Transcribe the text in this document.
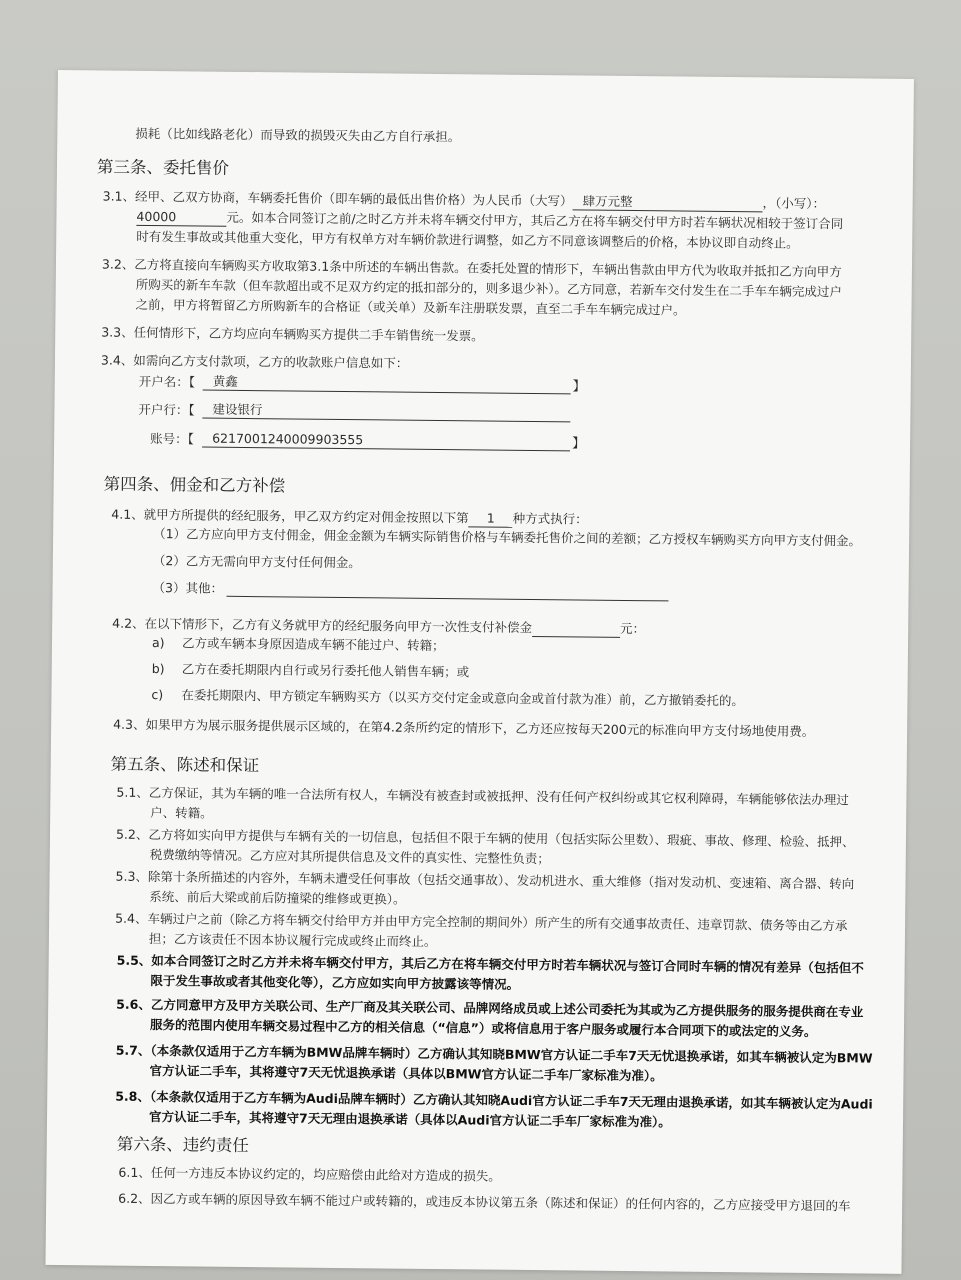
损耗（比如线路老化）而导致的损毁灭失由乙方自行承担。
第三条、委托售价
3.1、经甲、乙双方协商，车辆委托售价（即车辆的最低出售价格）为人民币（大写） 肆万元整	，（小写）：
40000	元。如本合同签订之前/之时乙方并未将车辆交付甲方，其后乙方在将车辆交付甲方时若车辆状况相较于签订合同
时有发生事故或其他重大变化，甲方有权单方对车辆价款进行调整，如乙方不同意该调整后的价格，本协议即自动终止。
3.2、乙方将直接向车辆购买方收取第3.1条中所述的车辆出售款。在委托处置的情形下，车辆出售款由甲方代为收取并抵扣乙方向甲方
所购买的新车车款（但车款超出或不足双方约定的抵扣部分的，则多退少补）。乙方同意，若新车交付发生在二手车车辆完成过户
之前，甲方将暂留乙方所购新车的合格证（或关单）及新车注册联发票，直至二手车车辆完成过户。
3.3、任何情形下，乙方均应向车辆购买方提供二手车销售统一发票。
3.4、如需向乙方支付款项，乙方的收款账户信息如下：
开户名：【 黄鑫	】
开户行：【 建设银行
账号：【 6217001240009903555	】
第四条、佣金和乙方补偿
4.1、就甲方所提供的经纪服务，甲乙双方约定对佣金按照以下第 1 种方式执行：
（1）乙方应向甲方支付佣金，佣金金额为车辆实际销售价格与车辆委托售价之间的差额；乙方授权车辆购买方向甲方支付佣金。
（2）乙方无需向甲方支付任何佣金。
（3）其他：
4.2、在以下情形下，乙方有义务就甲方的经纪服务向甲方一次性支付补偿金	元：
a) 乙方或车辆本身原因造成车辆不能过户、转籍；
b) 乙方在委托期限内自行或另行委托他人销售车辆；或
c) 在委托期限内、甲方锁定车辆购买方（以买方交付定金或意向金或首付款为准）前，乙方撤销委托的。
4.3、如果甲方为展示服务提供展示区域的，在第4.2条所约定的情形下，乙方还应按每天200元的标准向甲方支付场地使用费。
第五条、陈述和保证
5.1、乙方保证，其为车辆的唯一合法所有权人，车辆没有被查封或被抵押、没有任何产权纠纷或其它权利障碍，车辆能够依法办理过
户、转籍。
5.2、乙方将如实向甲方提供与车辆有关的一切信息，包括但不限于车辆的使用（包括实际公里数）、瑕疵、事故、修理、检验、抵押、
税费缴纳等情况。乙方应对其所提供信息及文件的真实性、完整性负责；
5.3、除第十条所描述的内容外，车辆未遭受任何事故（包括交通事故）、发动机进水、重大维修（指对发动机、变速箱、离合器、转向
系统、前后大梁或前后防撞梁的维修或更换）。
5.4、车辆过户之前（除乙方将车辆交付给甲方并由甲方完全控制的期间外）所产生的所有交通事故责任、违章罚款、债务等由乙方承
担；乙方该责任不因本协议履行完成或终止而终止。
5.5、如本合同签订之时乙方并未将车辆交付甲方，其后乙方在将车辆交付甲方时若车辆状况与签订合同时车辆的情况有差异（包括但不
限于发生事故或者其他变化等），乙方应如实向甲方披露该等情况。
5.6、乙方同意甲方及甲方关联公司、生产厂商及其关联公司、品牌网络成员或上述公司委托为其或为乙方提供服务的服务提供商在专业
服务的范围内使用车辆交易过程中乙方的相关信息（“信息”）或将信息用于客户服务或履行本合同项下的或法定的义务。
5.7、（本条款仅适用于乙方车辆为BMW品牌车辆时）乙方确认其知晓BMW官方认证二手车7天无忧退换承诺，如其车辆被认定为BMW
官方认证二手车，其将遵守7天无忧退换承诺（具体以BMW官方认证二手车厂家标准为准）。
5.8、（本条款仅适用于乙方车辆为Audi品牌车辆时）乙方确认其知晓Audi官方认证二手车7天无理由退换承诺，如其车辆被认定为Audi
官方认证二手车，其将遵守7天无理由退换承诺（具体以Audi官方认证二手车厂家标准为准）。
第六条、违约责任
6.1、任何一方违反本协议约定的，均应赔偿由此给对方造成的损失。
6.2、因乙方或车辆的原因导致车辆不能过户或转籍的，或违反本协议第五条（陈述和保证）的任何内容的，乙方应接受甲方退回的车
